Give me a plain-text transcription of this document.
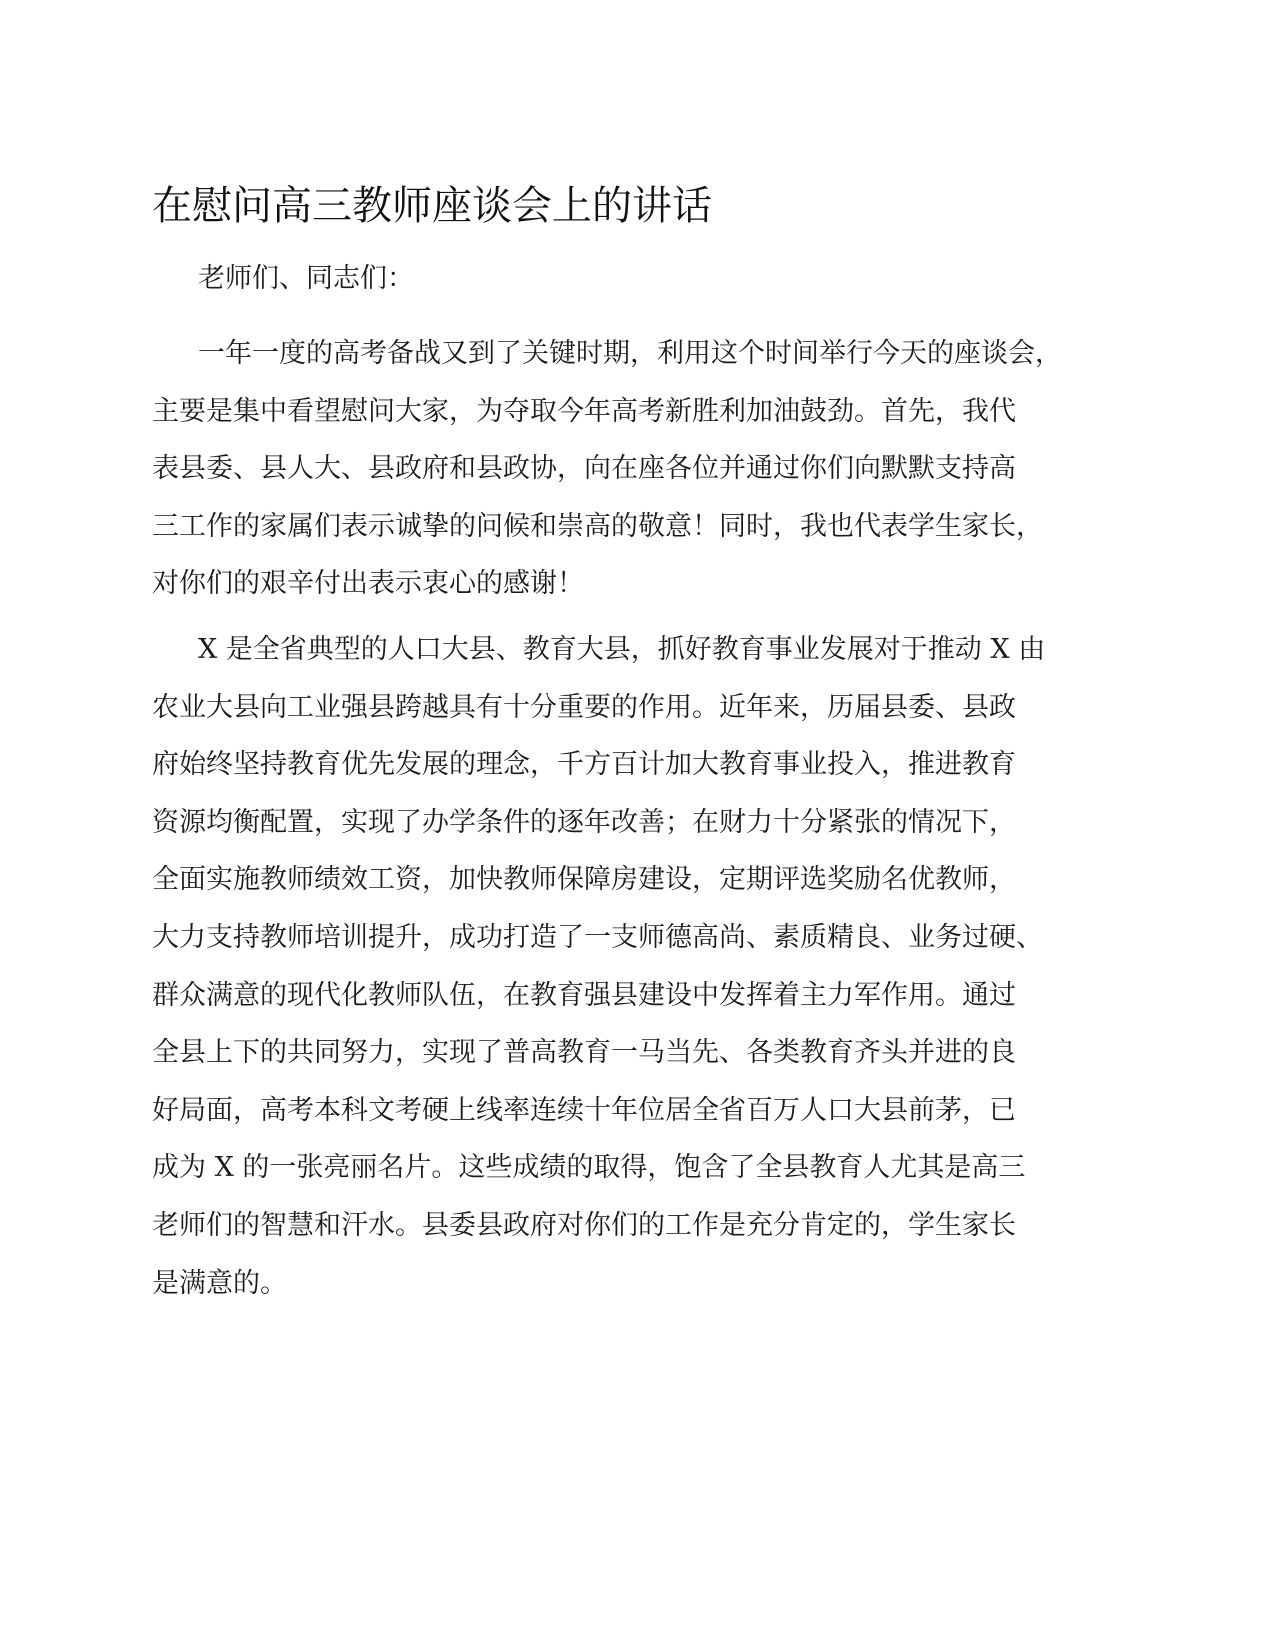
在慰问高三教师座谈会上的讲话

老师们、同志们：

一年一度的高考备战又到了关键时期，利用这个时间举行今天的座谈会，
主要是集中看望慰问大家，为夺取今年高考新胜利加油鼓劲。首先，我代
表县委、县人大、县政府和县政协，向在座各位并通过你们向默默支持高
三工作的家属们表示诚挚的问候和崇高的敬意！同时，我也代表学生家长，
对你们的艰辛付出表示衷心的感谢！

X 是全省典型的人口大县、教育大县，抓好教育事业发展对于推动 X 由
农业大县向工业强县跨越具有十分重要的作用。近年来，历届县委、县政
府始终坚持教育优先发展的理念，千方百计加大教育事业投入，推进教育
资源均衡配置，实现了办学条件的逐年改善；在财力十分紧张的情况下，
全面实施教师绩效工资，加快教师保障房建设，定期评选奖励名优教师，
大力支持教师培训提升，成功打造了一支师德高尚、素质精良、业务过硬、
群众满意的现代化教师队伍，在教育强县建设中发挥着主力军作用。通过
全县上下的共同努力，实现了普高教育一马当先、各类教育齐头并进的良
好局面，高考本科文考硬上线率连续十年位居全省百万人口大县前茅，已
成为 X 的一张亮丽名片。这些成绩的取得，饱含了全县教育人尤其是高三
老师们的智慧和汗水。县委县政府对你们的工作是充分肯定的，学生家长
是满意的。
